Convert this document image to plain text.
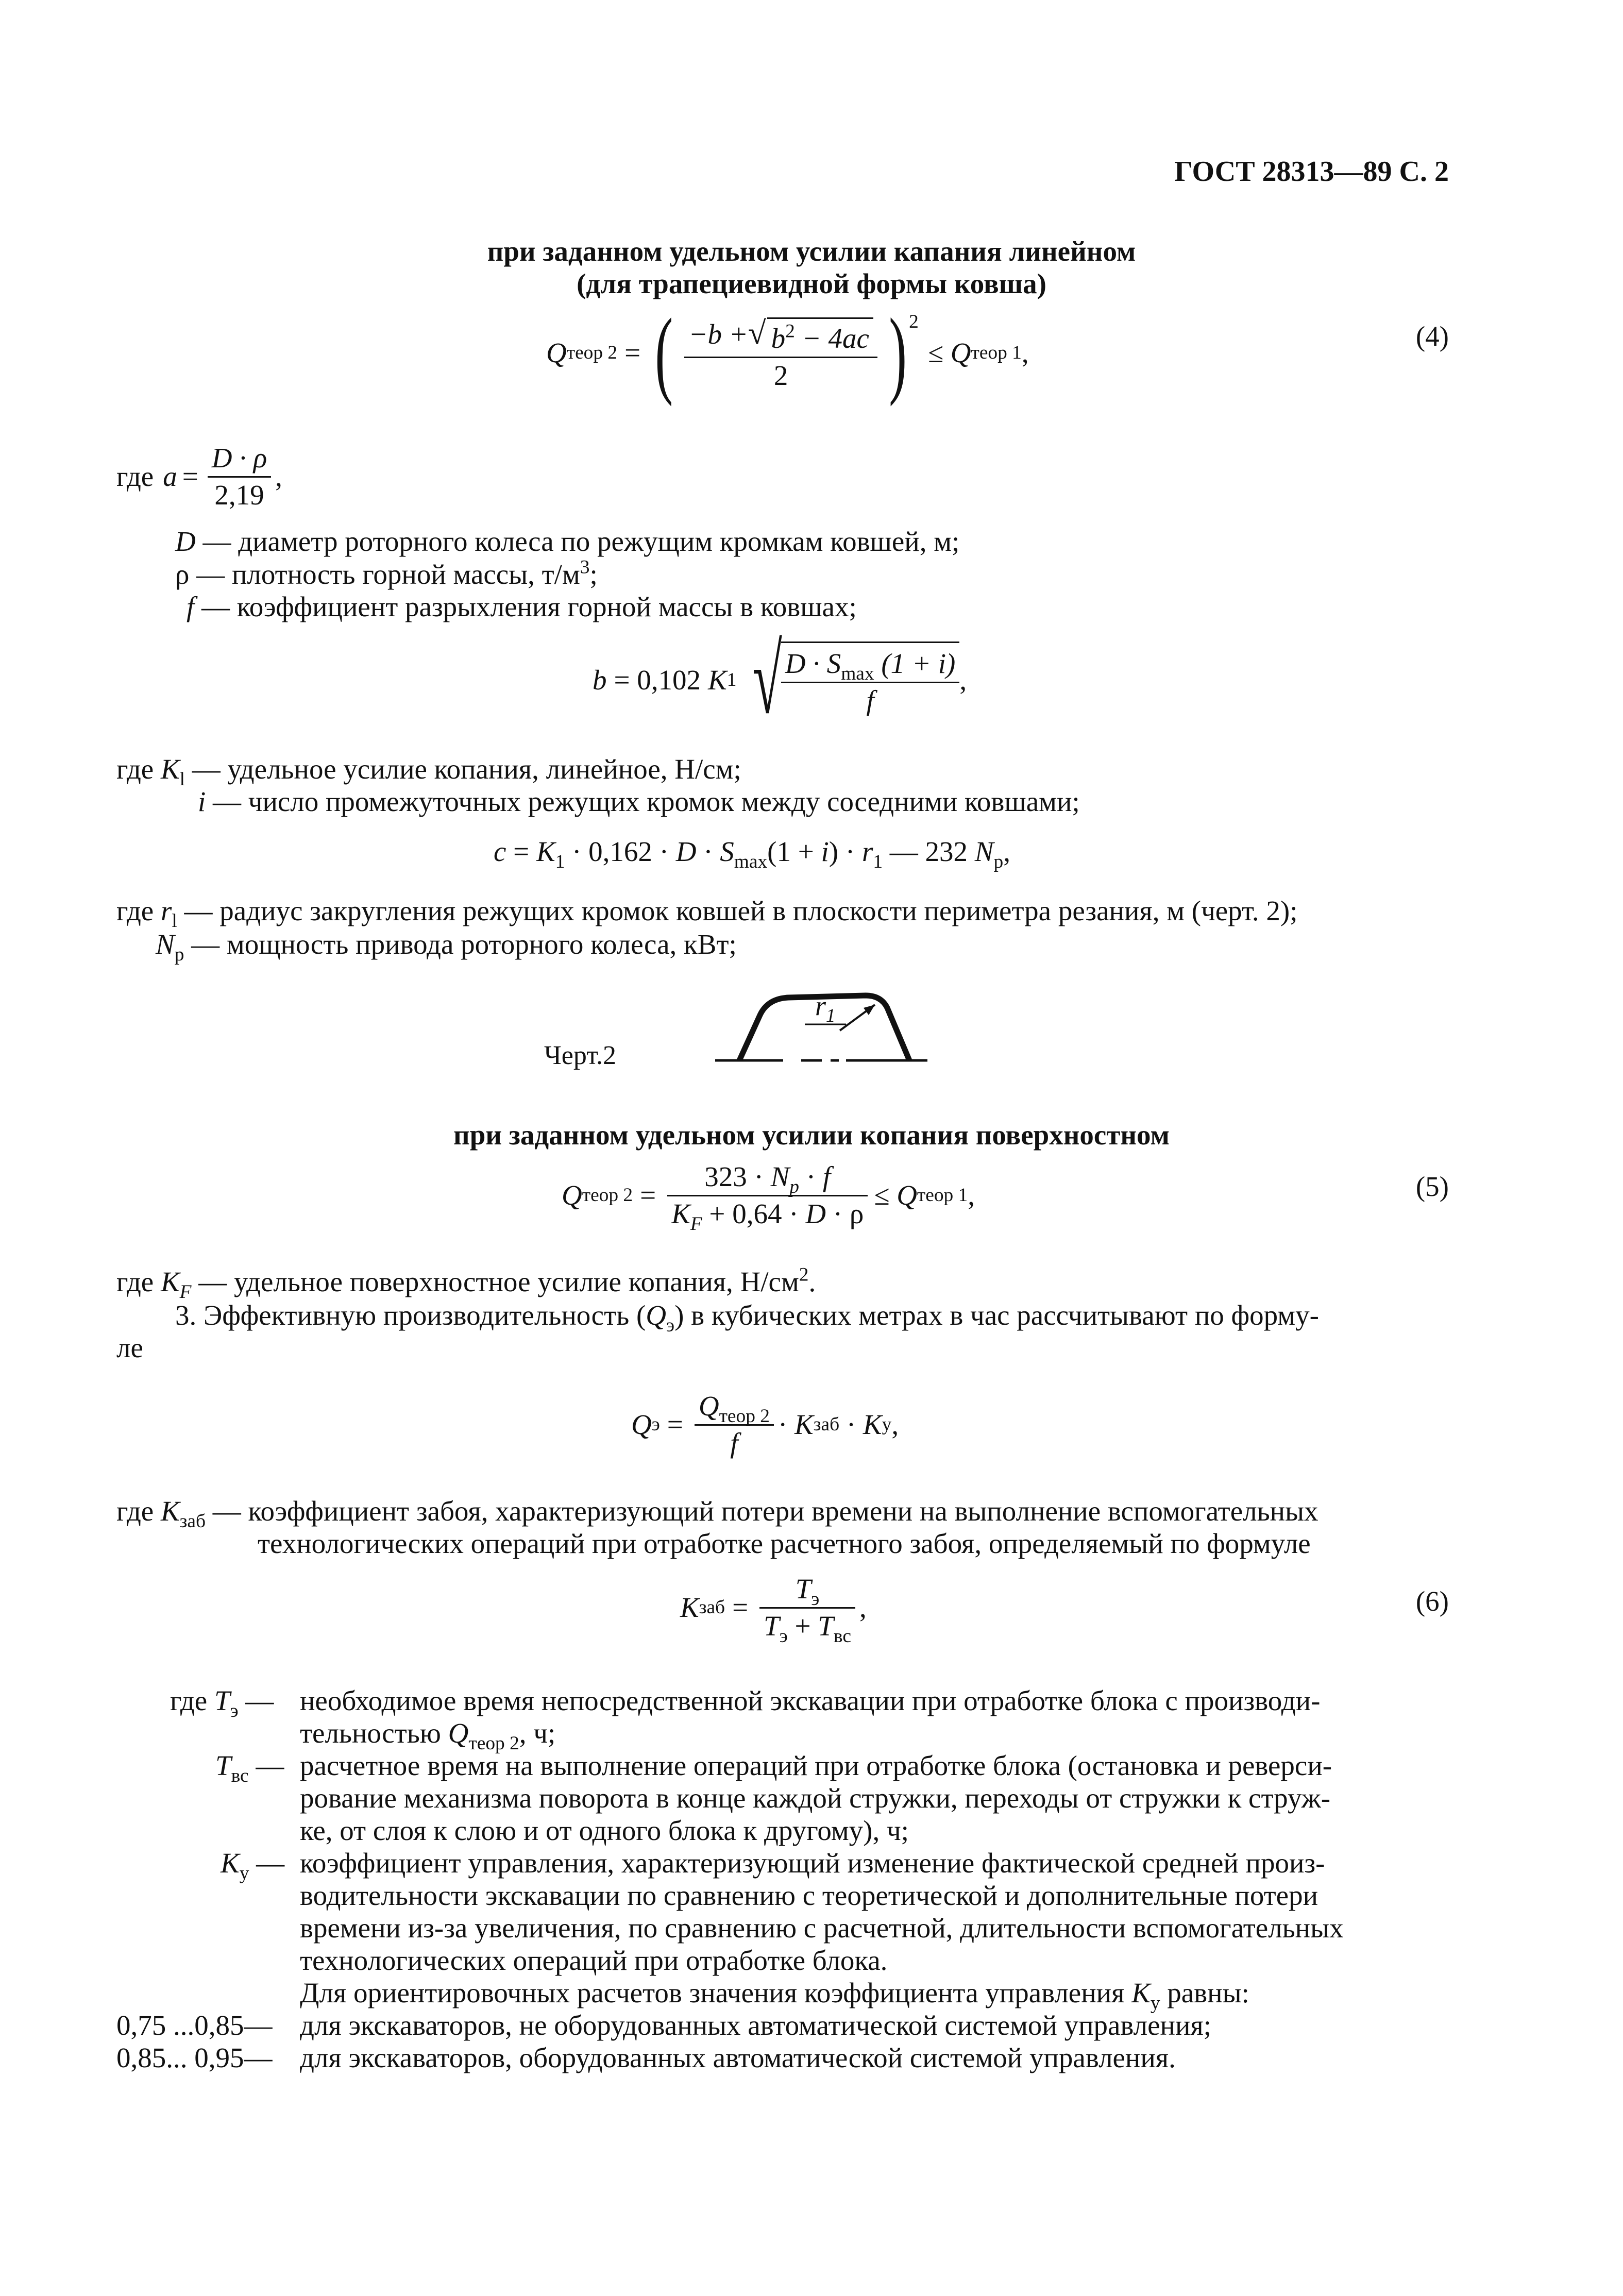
ГОСТ 28313—89 С. 2
при заданном удельном усилии капания линейном
(для трапециевидной формы ковша)
Q теор 2 = ( $\frac{-b +√ b^2 - 4ac}{2} )^2$
≤ Q теор 1 ,
(4)
где $a = \frac{D \cdot \rho}{2,19}$ ,
D — диаметр роторного колеса по режущим кромкам ковшей, м;
ρ — плотность горной массы, $т/м^3$;
f — коэффициент разрыхления горной массы в ковшах;
b = 0,102 K 1 √
$\frac{D \cdot S_{max} (1 + i)}{f}$ ,
где $K_l$ — удельное усилие копания, линейное, Н/см;
i — число промежуточных режущих кромок между соседними ковшами;
$c = K_1 \cdot 0,162 \cdot D \cdot S_{max}(1 + i) \cdot r_1$ — 232 $N_p$,
где $r_l$ — радиус закругления режущих кромок ковшей в плоскости периметра резания, м (черт. 2);
$N_p$ — мощность привода роторного колеса, кВт;
Черт.2
$r_1$
при заданном удельном усилии копания поверхностном
Q теор $2 = \frac{323 \cdot N_p \cdot f}{K_F + 0,64 \cdot D \cdot \rho} \le Q$ теор 1 ,	(5)
где $K_F$ — удельное поверхностное усилие копания, $Н/см^2$.
3. Эффективную производительность $(Q_э)$ в кубических метрах в час рассчитывают по форму-
ле
Q $э = \frac{Q_{теор 2}}{f}$ ·
K заб
·
K у ,
где $K_{заб}$ — коэффициент забоя, характеризующий потери времени на выполнение вспомогательных
технологических операций при отработке расчетного забоя, определяемый по формуле
K заб = $\frac{T_э}{T_э + T_{вс}}$ ,	(6)
где $T_э$ — необходимое время непосредственной экскавации при отработке блока с производи-
тельностью $Q_{теор 2}$, ч;
$T_{вс}$ — расчетное время на выполнение операций при отработке блока (остановка и реверси-
рование механизма поворота в конце каждой стружки, переходы от стружки к струж-
ке, от слоя к слою и от одного блока к другому), ч;
$K_у$ — коэффициент управления, характеризующий изменение фактической средней произ-
водительности экскавации по сравнению с теоретической и дополнительные потери
времени из-за увеличения, по сравнению с расчетной, длительности вспомогательных
технологических операций при отработке блока.
Для ориентировочных расчетов значения коэффициента управления $K_у$ равны:
0,75 ...0,85— для экскаваторов, не оборудованных автоматической системой управления;
0,85... 0,95— для экскаваторов, оборудованных автоматической системой управления.
